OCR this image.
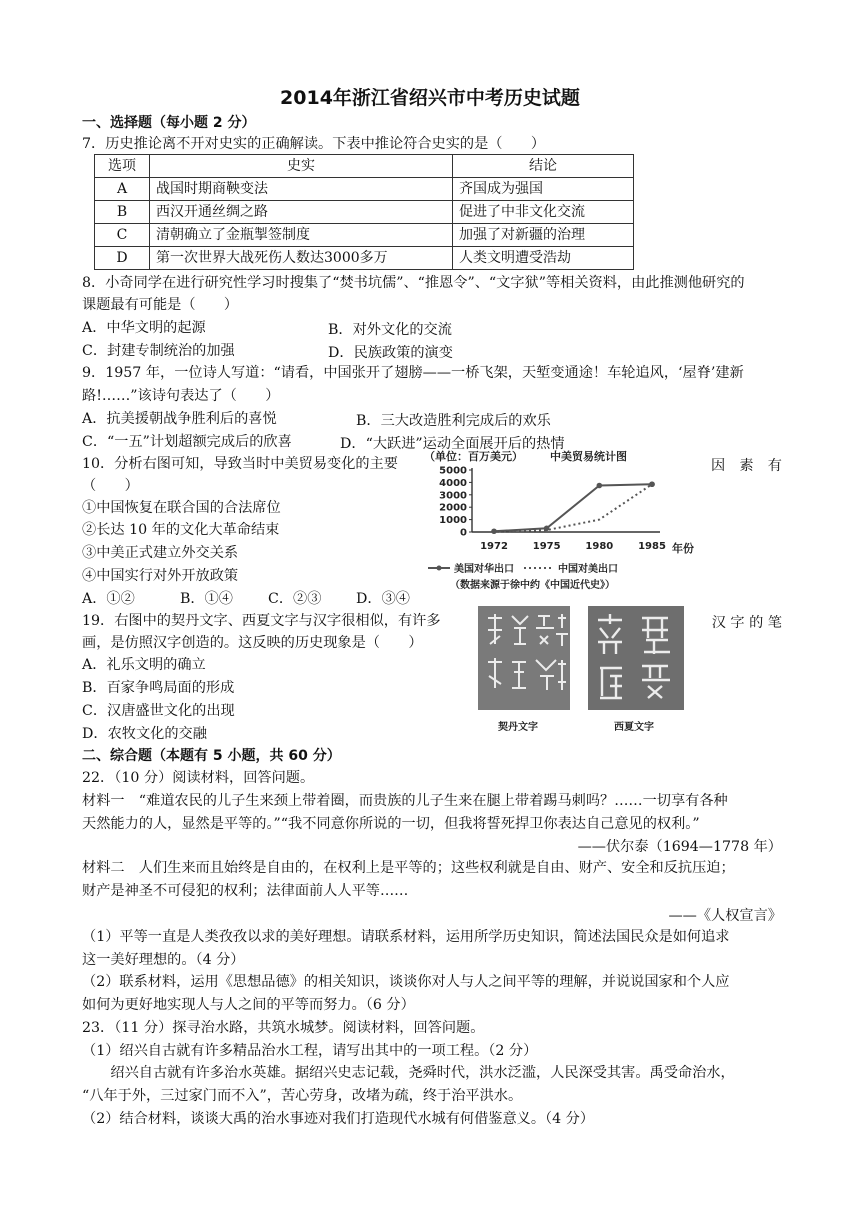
2014年浙江省绍兴市中考历史试题
一、选择题（每小题 2 分）
7．历史推论离不开对史实的正确解读。下表中推论符合史实的是（　　）
选项	史实	结论
A	战国时期商鞅变法	齐国成为强国
B	西汉开通丝绸之路	促进了中非文化交流
C	清朝确立了金瓶掣签制度	加强了对新疆的治理
D	第一次世界大战死伤人数达3000多万	人类文明遭受浩劫
8．小奇同学在进行研究性学习时搜集了“焚书坑儒”、“推恩令”、“文字狱”等相关资料，由此推测他研究的
课题最有可能是（　　）
A．中华文明的起源	B．对外文化的交流
C．封建专制统治的加强	D．民族政策的演变
9．1957 年，一位诗人写道：“请看，中国张开了翅膀——一桥飞架，天堑变通途！车轮追风，‘屋脊’建新
路!……”该诗句表达了（　　）
A．抗美援朝战争胜利后的喜悦	B．三大改造胜利完成后的欢乐
C．“一五”计划超额完成后的欣喜	D．“大跃进”运动全面展开后的热情
10．分析右图可知，导致当时中美贸易变化的主要	因　素　有
（　　）
①中国恢复在联合国的合法席位
②长达 10 年的文化大革命结束
③中美正式建立外交关系
④中国实行对外开放政策
A．①②	B．①④ C．②③ D．③④
（单位：百万美元） 中美贸易统计图
年份
5000
4000
3000
2000
1000
0
1972 1975 1980 1985
美国对华出口	中国对美出口
（数据来源于徐中约《中国近代史》）
19．右图中的契丹文字、西夏文字与汉字很相似，有许多	汉 字 的 笔
画，是仿照汉字创造的。这反映的历史现象是（　　）
A．礼乐文明的确立
B．百家争鸣局面的形成
C．汉唐盛世文化的出现
D．农牧文化的交融	契丹文字	西夏文字
二、综合题（本题有 5 小题，共 60 分）
22．（10 分）阅读材料，回答问题。
材料一　“难道农民的儿子生来颈上带着圈，而贵族的儿子生来在腿上带着踢马刺吗？……一切享有各种
天然能力的人，显然是平等的。”“我不同意你所说的一切，但我将誓死捍卫你表达自己意见的权利。”
——伏尔泰（1694—1778 年）
材料二　人们生来而且始终是自由的，在权利上是平等的；这些权利就是自由、财产、安全和反抗压迫；
财产是神圣不可侵犯的权利；法律面前人人平等……
——《人权宣言》
（1）平等一直是人类孜孜以求的美好理想。请联系材料，运用所学历史知识，简述法国民众是如何追求
这一美好理想的。（4 分）
（2）联系材料，运用《思想品德》的相关知识，谈谈你对人与人之间平等的理解，并说说国家和个人应
如何为更好地实现人与人之间的平等而努力。（6 分）
23．（11 分）探寻治水路，共筑水城梦。阅读材料，回答问题。
（1）绍兴自古就有许多精品治水工程，请写出其中的一项工程。（2 分）
　　绍兴自古就有许多治水英雄。据绍兴史志记载，尧舜时代，洪水泛滥，人民深受其害。禹受命治水，
“八年于外，三过家门而不入”，苦心劳身，改堵为疏，终于治平洪水。
（2）结合材料，谈谈大禹的治水事迹对我们打造现代水城有何借鉴意义。（4 分）
